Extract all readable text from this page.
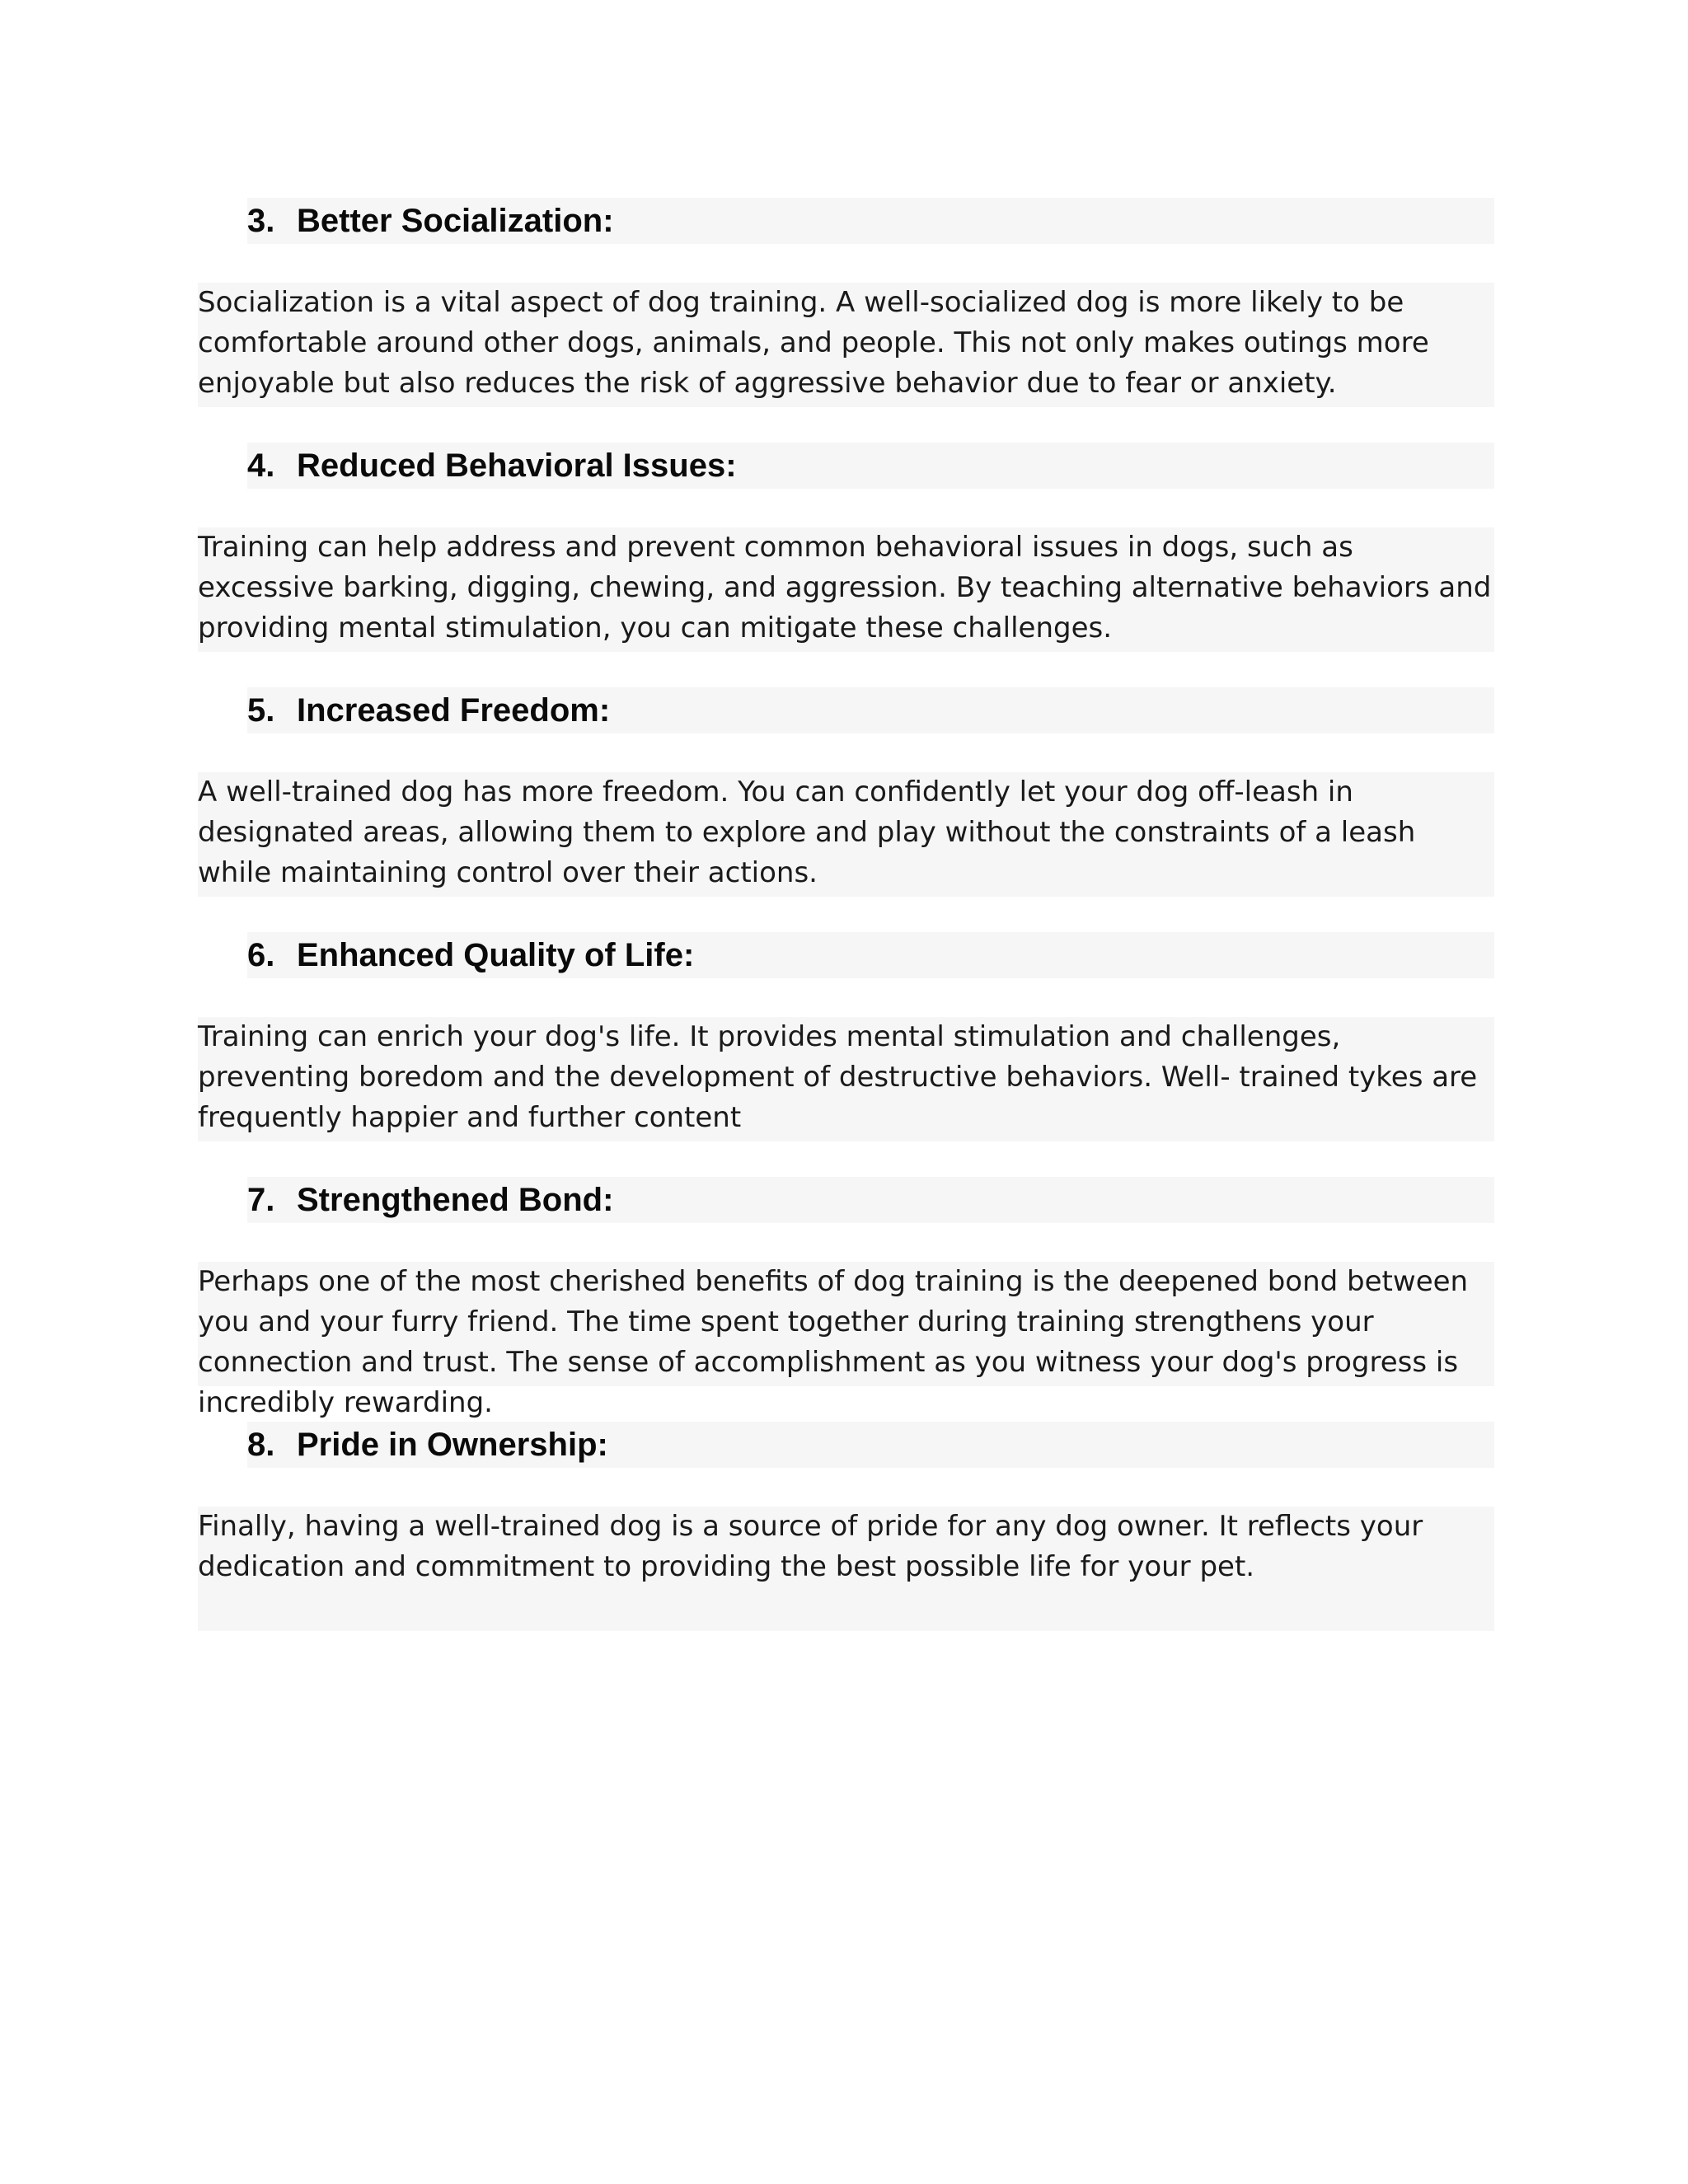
3. Better Socialization:
Socialization is a vital aspect of dog training. A well-socialized dog is more likely to be comfortable around other dogs, animals, and people. This not only makes outings more enjoyable but also reduces the risk of aggressive behavior due to fear or anxiety.
4. Reduced Behavioral Issues:
Training can help address and prevent common behavioral issues in dogs, such as excessive barking, digging, chewing, and aggression. By teaching alternative behaviors and providing mental stimulation, you can mitigate these challenges.
5. Increased Freedom:
A well-trained dog has more freedom. You can confidently let your dog off-leash in designated areas, allowing them to explore and play without the constraints of a leash while maintaining control over their actions.
6. Enhanced Quality of Life:
Training can enrich your dog's life. It provides mental stimulation and challenges, preventing boredom and the development of destructive behaviors. Well- trained tykes are frequently happier and further content
7. Strengthened Bond:
Perhaps one of the most cherished benefits of dog training is the deepened bond between you and your furry friend. The time spent together during training strengthens your connection and trust. The sense of accomplishment as you witness your dog's progress is incredibly rewarding.
8. Pride in Ownership:
Finally, having a well-trained dog is a source of pride for any dog owner. It reflects your dedication and commitment to providing the best possible life for your pet.
